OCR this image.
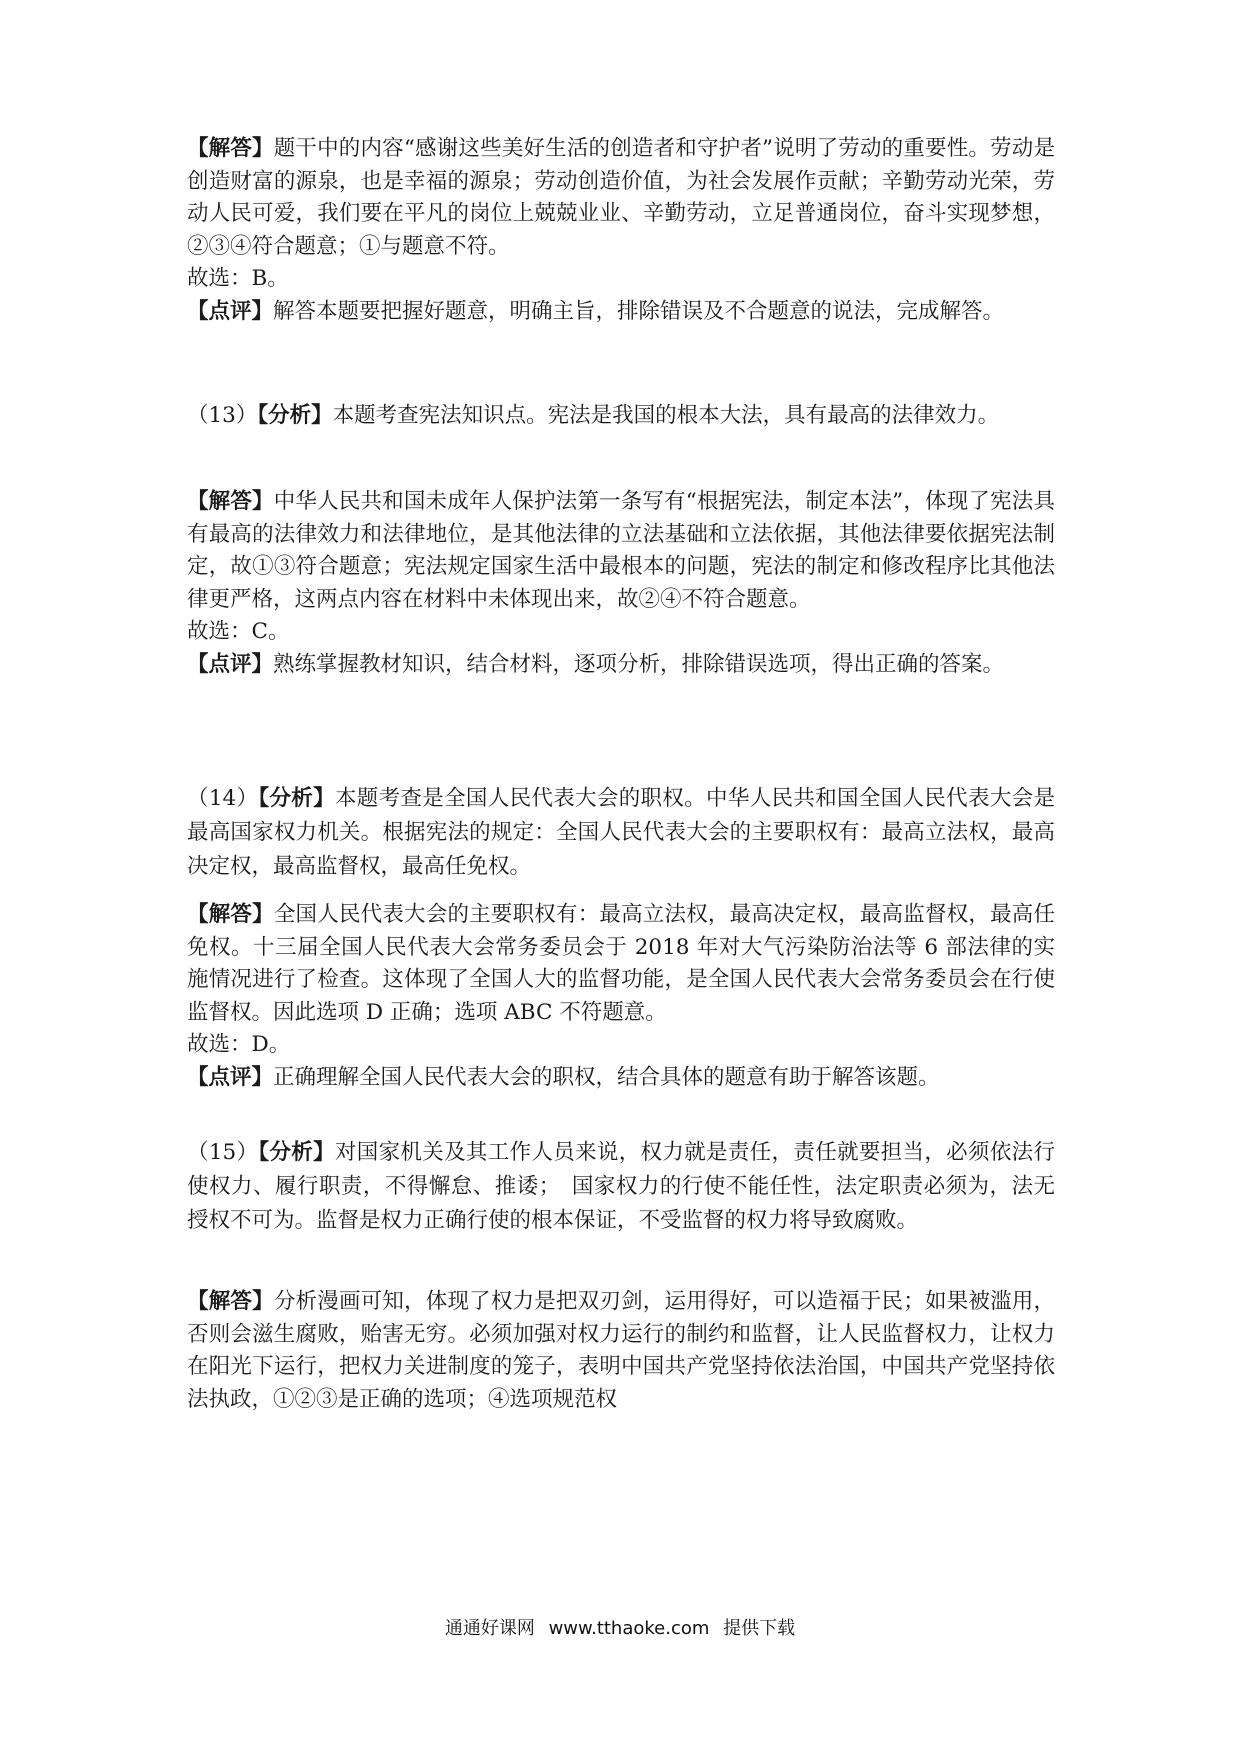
【解答】题干中的内容“感谢这些美好生活的创造者和守护者”说明了劳动的重要性。劳动是创造财富的源泉，也是幸福的源泉；劳动创造价值，为社会发展作贡献；辛勤劳动光荣，劳动人民可爱，我们要在平凡的岗位上兢兢业业、辛勤劳动，立足普通岗位，奋斗实现梦想，②③④符合题意；①与题意不符。

故选：B。

【点评】解答本题要把握好题意，明确主旨，排除错误及不合题意的说法，完成解答。

（13）【分析】本题考查宪法知识点。宪法是我国的根本大法，具有最高的法律效力。

【解答】中华人民共和国未成年人保护法第一条写有“根据宪法，制定本法”，体现了宪法具有最高的法律效力和法律地位，是其他法律的立法基础和立法依据，其他法律要依据宪法制定，故①③符合题意；宪法规定国家生活中最根本的问题，宪法的制定和修改程序比其他法律更严格，这两点内容在材料中未体现出来，故②④不符合题意。

故选：C。

【点评】熟练掌握教材知识，结合材料，逐项分析，排除错误选项，得出正确的答案。

（14）【分析】本题考查是全国人民代表大会的职权。中华人民共和国全国人民代表大会是最高国家权力机关。根据宪法的规定：全国人民代表大会的主要职权有：最高立法权，最高决定权，最高监督权，最高任免权。

【解答】全国人民代表大会的主要职权有：最高立法权，最高决定权，最高监督权，最高任免权。十三届全国人民代表大会常务委员会于 2018 年对大气污染防治法等 6 部法律的实施情况进行了检查。这体现了全国人大的监督功能，是全国人民代表大会常务委员会在行使监督权。因此选项 D 正确；选项 ABC 不符题意。

故选：D。

【点评】正确理解全国人民代表大会的职权，结合具体的题意有助于解答该题。

（15）【分析】对国家机关及其工作人员来说，权力就是责任，责任就要担当，必须依法行使权力、履行职责，不得懈怠、推诿；　国家权力的行使不能任性，法定职责必须为，法无授权不可为。监督是权力正确行使的根本保证，不受监督的权力将导致腐败。

【解答】分析漫画可知，体现了权力是把双刃剑，运用得好，可以造福于民；如果被滥用，否则会滋生腐败，贻害无穷。必须加强对权力运行的制约和监督，让人民监督权力，让权力在阳光下运行，把权力关进制度的笼子，表明中国共产党坚持依法治国，中国共产党坚持依法执政，①②③是正确的选项；④选项规范权

通通好课网 www.tthaoke.com 提供下载
